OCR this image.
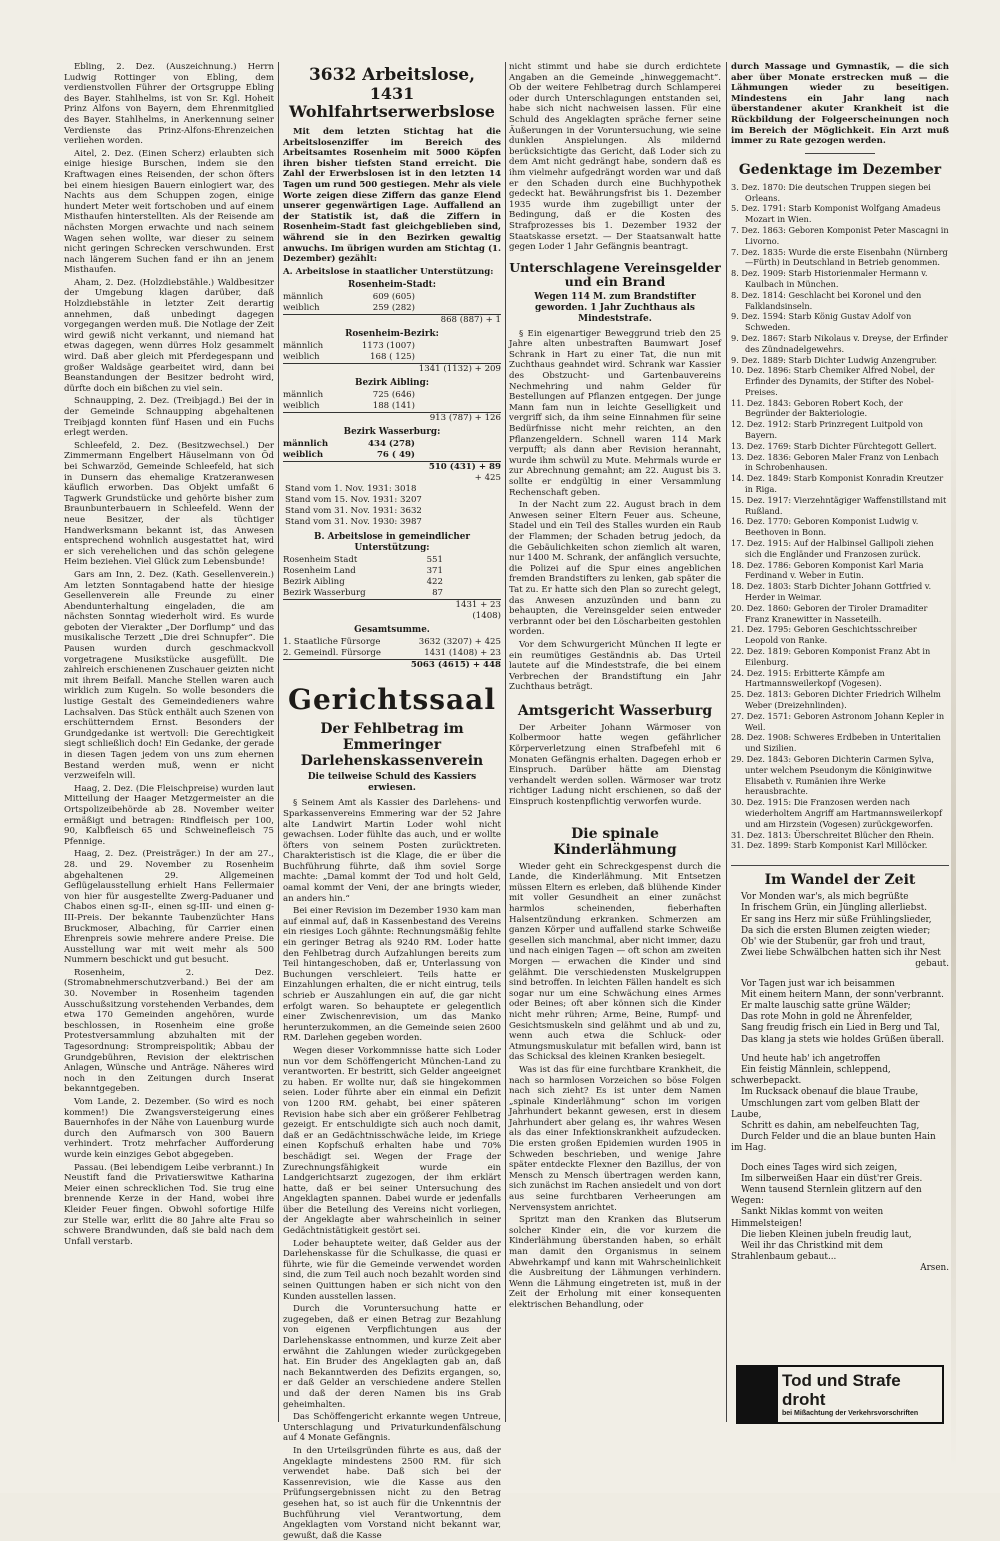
Ebling, 2. Dez. (Auszeichnung.) Herrn Ludwig Rottinger von Ebling, dem verdienstvollen Führer der Ortsgruppe Ebling des Bayer. Stahlhelms, ist von Sr. Kgl. Hoheit Prinz Alfons von Bayern, dem Ehrenmitglied des Bayer. Stahlhelms, in Anerkennung seiner Verdienste das Prinz-Alfons-Ehrenzeichen verliehen worden.

Aitel, 2. Dez. (Einen Scherz) erlaubten sich einige hiesige Burschen, indem sie den Kraftwagen eines Reisenden, der schon öfters bei einem hiesigen Bauern einlogiert war, des Nachts aus dem Schuppen zogen, einige hundert Meter weit fortschoben und auf einem Misthaufen hinterstellten. Als der Reisende am nächsten Morgen erwachte und nach seinem Wagen sehen wollte, war dieser zu seinem nicht geringen Schrecken verschwunden. Erst nach längerem Suchen fand er ihn an jenem Misthaufen.

Aham, 2. Dez. (Holzdiebstähle.) Waldbesitzer der Umgebung klagen darüber, daß Holzdiebstähle in letzter Zeit derartig annehmen, daß unbedingt dagegen vorgegangen werden muß. Die Notlage der Zeit wird gewiß nicht verkannt, und niemand hat etwas dagegen, wenn dürres Holz gesammelt wird. Daß aber gleich mit Pferdegespann und großer Waldsäge gearbeitet wird, dann bei Beanstandungen der Besitzer bedroht wird, dürfte doch ein bißchen zu viel sein.

Schnaupping, 2. Dez. (Treibjagd.) Bei der in der Gemeinde Schnaupping abgehaltenen Treibjagd konnten fünf Hasen und ein Fuchs erlegt werden.

Schleefeld, 2. Dez. (Besitzwechsel.) Der Zimmermann Engelbert Häuselmann von Öd bei Schwarzöd, Gemeinde Schleefeld, hat sich in Dunsern das ehemalige Kratzeranwesen käuflich erworben. Das Objekt umfaßt 6 Tagwerk Grundstücke und gehörte bisher zum Braunbunterbauern in Schleefeld. Wenn der neue Besitzer, der als tüchtiger Handwerksmann bekannt ist, das Anwesen entsprechend wohnlich ausgestattet hat, wird er sich verehelichen und das schön gelegene Heim beziehen. Viel Glück zum Lebensbunde!

Gars am Inn, 2. Dez. (Kath. Gesellenverein.) Am letzten Sonntagabend hatte der hiesige Gesellenverein alle Freunde zu einer Abendunterhaltung eingeladen, die am nächsten Sonntag wiederholt wird. Es wurde geboten der Vierakter „Der Dorflump“ und das musikalische Terzett „Die drei Schnupfer“. Die Pausen wurden durch geschmackvoll vorgetragene Musikstücke ausgefüllt. Die zahlreich erschienenen Zuschauer geizten nicht mit ihrem Beifall. Manche Stellen waren auch wirklich zum Kugeln. So wolle besonders die lustige Gestalt des Gemeindedieners wahre Lachsalven. Das Stück enthält auch Szenen von erschütterndem Ernst. Besonders der Grundgedanke ist wertvoll: Die Gerechtigkeit siegt schließlich doch! Ein Gedanke, der gerade in diesen Tagen jedem von uns zum ehernen Bestand werden muß, wenn er nicht verzweifeln will.

Haag, 2. Dez. (Die Fleischpreise) wurden laut Mitteilung der Haager Metzgermeister an die Ortspolizeibehörde ab 28. November weiter ermäßigt und betragen: Rindfleisch per 100, 90, Kalbfleisch 65 und Schweinefleisch 75 Pfennige.

Haag, 2. Dez. (Preisträger.) In der am 27., 28. und 29. November zu Rosenheim abgehaltenen 29. Allgemeinen Geflügelausstellung erhielt Hans Fellermaier von hier für ausgestellte Zwerg-Paduaner und Chabos einen sg-II-, einen sg-III- und einen g-III-Preis. Der bekannte Taubenzüchter Hans Bruckmoser, Albaching, für Carrier einen Ehrenpreis sowie mehrere andere Preise. Die Ausstellung war mit weit mehr als 500 Nummern beschickt und gut besucht.

Rosenheim, 2. Dez. (Stromabnehmerschutzverband.) Bei der am 30. November in Rosenheim tagenden Ausschußsitzung vorstehenden Verbandes, dem etwa 170 Gemeinden angehören, wurde beschlossen, in Rosenheim eine große Protestversammlung abzuhalten mit der Tagesordnung: Strompreispolitik; Abbau der Grundgebühren, Revision der elektrischen Anlagen, Wünsche und Anträge. Näheres wird noch in den Zeitungen durch Inserat bekanntgegeben.

Vom Lande, 2. Dezember. (So wird es noch kommen!) Die Zwangsversteigerung eines Bauernhofes in der Nähe von Lauenburg wurde durch den Aufmarsch von 300 Bauern verhindert. Trotz mehrfacher Aufforderung wurde kein einziges Gebot abgegeben.

Passau. (Bei lebendigem Leibe verbrannt.) In Neustift fand die Privatierswitwe Katharina Meier einen schrecklichen Tod. Sie trug eine brennende Kerze in der Hand, wobei ihre Kleider Feuer fingen. Obwohl sofortige Hilfe zur Stelle war, erlitt die 80 Jahre alte Frau so schwere Brandwunden, daß sie bald nach dem Unfall verstarb.

3632 Arbeitslose,
1431 Wohlfahrtserwerbslose

Mit dem letzten Stichtag hat die Arbeitslosenziffer im Bereich des Arbeitsamtes Rosenheim mit 5000 Köpfen ihren bisher tiefsten Stand erreicht. Die Zahl der Erwerbslosen ist in den letzten 14 Tagen um rund 500 gestiegen. Mehr als viele Worte zeigen diese Ziffern das ganze Elend unserer gegenwärtigen Lage. Auffallend an der Statistik ist, daß die Ziffern in Rosenheim-Stadt fast gleichgeblieben sind, während sie in den Bezirken gewaltig anwuchs. Im übrigen wurden am Stichtag (1. Dezember) gezählt:

A. Arbeitslose in staatlicher Unterstützung:

Rosenheim-Stadt:
männlich	609 (605)
weiblich	259 (282)
868 (887) + 1
Rosenheim-Bezirk:
männlich	1173 (1007)
weiblich	168 ( 125)
1341 (1132) + 209
Bezirk Aibling:
männlich	725 (646)
weiblich	188 (141)
913 (787) + 126
Bezirk Wasserburg:
männlich	434 (278)
weiblich	76 ( 49)
510 (431) + 89
+ 425
Stand vom 1. Nov. 1931: 3018
Stand vom 15. Nov. 1931: 3207
Stand vom 31. Nov. 1931: 3632
Stand vom 31. Nov. 1930: 3987
B. Arbeitslose in gemeindlicher Unterstützung:
Rosenheim Stadt	551
Rosenheim Land	371
Bezirk Aibling	422
Bezirk Wasserburg	87
1431 + 23
(1408)
Gesamtsumme.
1. Staatliche Fürsorge	3632 (3207) + 425
2. Gemeindl. Fürsorge	1431 (1408) + 23
5063 (4615) + 448
Gerichtssaal
Der Fehlbetrag im Emmeringer Darlehenskassenverein
Die teilweise Schuld des Kassiers erwiesen.

§ Seinem Amt als Kassier des Darlehens- und Sparkassenvereins Emmering war der 52 Jahre alte Landwirt Martin Loder wohl nicht gewachsen. Loder fühlte das auch, und er wollte öfters von seinem Posten zurücktreten. Charakteristisch ist die Klage, die er über die Buchführung führte, daß ihm soviel Sorge machte: „Damal kommt der Tod und holt Geld, oamal kommt der Veni, der ane bringts wieder, an anders hin.“

Bei einer Revision im Dezember 1930 kam man auf einmal auf, daß in Kassenbestand des Vereins ein riesiges Loch gähnte: Rechnungsmäßig fehlte ein geringer Betrag als 9240 RM. Loder hatte den Fehlbetrag durch Aufzahlungen bereits zum Teil hintangeschoben, daß er, Unterlassung von Buchungen verschleiert. Teils hatte er Einzahlungen erhalten, die er nicht eintrug, teils schrieb er Auszahlungen ein auf, die gar nicht erfolgt waren. So behauptete er gelegentlich einer Zwischenrevision, um das Manko herunterzukommen, an die Gemeinde seien 2600 RM. Darlehen gegeben worden.

Wegen dieser Vorkommnisse hatte sich Loder nun vor dem Schöffengericht München-Land zu verantworten. Er bestritt, sich Gelder angeeignet zu haben. Er wollte nur, daß sie hingekommen seien. Loder führte aber ein einmal ein Defizit von 1200 RM. gehabt, bei einer späteren Revision habe sich aber ein größerer Fehlbetrag gezeigt. Er entschuldigte sich auch noch damit, daß er an Gedächtnisschwäche leide, im Kriege einen Kopfschuß erhalten habe und 70% beschädigt sei. Wegen der Frage der Zurechnungsfähigkeit wurde ein Landgerichtsarzt zugezogen, der ihm erklärt hatte, daß er bei seiner Untersuchung des Angeklagten spannen. Dabei wurde er jedenfalls über die Beteilung des Vereins nicht vorliegen, der Angeklagte aber wahrscheinlich in seiner Gedächtnistätigkeit gestört sei.

Loder behauptete weiter, daß Gelder aus der Darlehenskasse für die Schulkasse, die quasi er führte, wie für die Gemeinde verwendet worden sind, die zum Teil auch noch bezahlt worden sind seinen Quittungen haben er sich nicht von den Kunden ausstellen lassen.

Durch die Voruntersuchung hatte er zugegeben, daß er einen Betrag zur Bezahlung von eigenen Verpflichtungen aus der Darlehenskasse entnommen, und kurze Zeit aber erwähnt die Zahlungen wieder zurückgegeben hat. Ein Bruder des Angeklagten gab an, daß nach Bekanntwerden des Defizits ergangen, so, er daß Gelder an verschiedene andere Stellen und daß der deren Namen bis ins Grab geheimhalten.

Das Schöffengericht erkannte wegen Untreue, Unterschlagung und Privaturkundenfälschung auf 4 Monate Gefängnis.

In den Urteilsgründen führte es aus, daß der Angeklagte mindestens 2500 RM. für sich verwendet habe. Daß sich bei der Kassenrevision, wie die Kasse aus den Prüfungsergebnissen nicht zu den Betrag gesehen hat, so ist auch für die Unkenntnis der Buchführung viel Verantwortung, dem Angeklagten vom Vorstand nicht bekannt war, gewußt, daß die Kasse

nicht stimmt und habe sie durch erdichtete Angaben an die Gemeinde „hinweggemacht“. Ob der weitere Fehlbetrag durch Schlamperei oder durch Unterschlagungen entstanden sei, habe sich nicht nachweisen lassen. Für eine Schuld des Angeklagten spräche ferner seine Äußerungen in der Voruntersuchung, wie seine dunklen Anspielungen. Als mildernd berücksichtigte das Gericht, daß Loder sich zu dem Amt nicht gedrängt habe, sondern daß es ihm vielmehr aufgedrängt worden war und daß er den Schaden durch eine Buchhypothek gedeckt hat. Bewährungsfrist bis 1. Dezember 1935 wurde ihm zugebilligt unter der Bedingung, daß er die Kosten des Strafprozesses bis 1. Dezember 1932 der Staatskasse ersetzt. — Der Staatsanwalt hatte gegen Loder 1 Jahr Gefängnis beantragt.

Unterschlagene Vereinsgelder und ein Brand
Wegen 114 M. zum Brandstifter geworden. 1 Jahr Zuchthaus als Mindeststrafe.

§ Ein eigenartiger Beweggrund trieb den 25 Jahre alten unbestraften Baumwart Josef Schrank in Hart zu einer Tat, die nun mit Zuchthaus geahndet wird. Schrank war Kassier des Obstzucht- und Gartenbauvereins Nechmehring und nahm Gelder für Bestellungen auf Pflanzen entgegen. Der junge Mann fam nun in leichte Geselligkeit und vergriff sich, da ihm seine Einnahmen für seine Bedürfnisse nicht mehr reichten, an den Pflanzengeldern. Schnell waren 114 Mark verpufft; als dann aber Revision herannaht, wurde ihm schwül zu Mute. Mehrmals wurde er zur Abrechnung gemahnt; am 22. August bis 3. sollte er endgültig in einer Versammlung Rechenschaft geben.

In der Nacht zum 22. August brach in dem Anwesen seiner Eltern Feuer aus. Scheune, Stadel und ein Teil des Stalles wurden ein Raub der Flammen; der Schaden betrug jedoch, da die Gebäulichkeiten schon ziemlich alt waren, nur 1400 M. Schrank, der anfänglich versuchte, die Polizei auf die Spur eines angeblichen fremden Brandstifters zu lenken, gab später die Tat zu. Er hatte sich den Plan so zurecht gelegt, das Anwesen anzuzünden und bann zu behaupten, die Vereinsgelder seien entweder verbrannt oder bei den Löscharbeiten gestohlen worden.

Vor dem Schwurgericht München II legte er ein reumütiges Geständnis ab. Das Urteil lautete auf die Mindeststrafe, die bei einem Verbrechen der Brandstiftung ein Jahr Zuchthaus beträgt.

Amtsgericht Wasserburg

Der Arbeiter Johann Wärmoser von Kolbermoor hatte wegen gefährlicher Körperverletzung einen Strafbefehl mit 6 Monaten Gefängnis erhalten. Dagegen erhob er Einspruch. Darüber hätte am Dienstag verhandelt werden sollen. Wärmoser war trotz richtiger Ladung nicht erschienen, so daß der Einspruch kostenpflichtig verworfen wurde.

Die spinale Kinderlähmung

Wieder geht ein Schreckgespenst durch die Lande, die Kinderlähmung. Mit Entsetzen müssen Eltern es erleben, daß blühende Kinder mit voller Gesundheit an einer zunächst harmlos scheinenden, fieberhaften Halsentzündung erkranken. Schmerzen am ganzen Körper und auffallend starke Schweiße gesellen sich manchmal, aber nicht immer, dazu und nach einigen Tagen — oft schon am zweiten Morgen — erwachen die Kinder und sind gelähmt. Die verschiedensten Muskelgruppen sind betroffen. In leichten Fällen handelt es sich sogar nur um eine Schwächung eines Armes oder Beines; oft aber können sich die Kinder nicht mehr rühren; Arme, Beine, Rumpf- und Gesichtsmuskeln sind gelähmt und ab und zu, wenn auch etwa die Schluck- oder Atmungsmuskulatur mit befallen wird, bann ist das Schicksal des kleinen Kranken besiegelt.

Was ist das für eine furchtbare Krankheit, die nach so harmlosen Vorzeichen so böse Folgen nach sich zieht? Es ist unter dem Namen „spinale Kinderlähmung“ schon im vorigen Jahrhundert bekannt gewesen, erst in diesem Jahrhundert aber gelang es, ihr wahres Wesen als das einer Infektionskrankheit aufzudecken. Die ersten großen Epidemien wurden 1905 in Schweden beschrieben, und wenige Jahre später entdeckte Flexner den Bazillus, der von Mensch zu Mensch übertragen werden kann, sich zunächst im Rachen ansiedelt und von dort aus seine furchtbaren Verheerungen am Nervensystem anrichtet.

Spritzt man den Kranken das Blutserum solcher Kinder ein, die vor kurzem die Kinderlähmung überstanden haben, so erhält man damit den Organismus in seinem Abwehrkampf und kann mit Wahrscheinlichkeit die Ausbreitung der Lähmungen verhindern. Wenn die Lähmung eingetreten ist, muß in der Zeit der Erholung mit einer konsequenten elektrischen Behandlung, oder

durch Massage und Gymnastik, — die sich aber über Monate erstrecken muß — die Lähmungen wieder zu beseitigen. Mindestens ein Jahr lang nach überstandener akuter Krankheit ist die Rückbildung der Folgeerscheinungen noch im Bereich der Möglichkeit. Ein Arzt muß immer zu Rate gezogen werden.

Gedenktage im Dezember

3. Dez. 1870: Die deutschen Truppen siegen bei Orleans.

5. Dez. 1791: Starb Komponist Wolfgang Amadeus Mozart in Wien.

7. Dez. 1863: Geboren Komponist Peter Mascagni in Livorno.

7. Dez. 1835: Wurde die erste Eisenbahn (Nürnberg—Fürth) in Deutschland in Betrieb genommen.

8. Dez. 1909: Starb Historienmaler Hermann v. Kaulbach in München.

8. Dez. 1814: Geschlacht bei Koronel und den Falklandsinseln.

9. Dez. 1594: Starb König Gustav Adolf von Schweden.

9. Dez. 1867: Starb Nikolaus v. Dreyse, der Erfinder des Zündnadelgewehrs.

9. Dez. 1889: Starb Dichter Ludwig Anzengruber.

10. Dez. 1896: Starb Chemiker Alfred Nobel, der Erfinder des Dynamits, der Stifter des Nobel-Preises.

11. Dez. 1843: Geboren Robert Koch, der Begründer der Bakteriologie.

12. Dez. 1912: Starb Prinzregent Luitpold von Bayern.

13. Dez. 1769: Starb Dichter Fürchtegott Gellert.

13. Dez. 1836: Geboren Maler Franz von Lenbach in Schrobenhausen.

14. Dez. 1849: Starb Komponist Konradin Kreutzer in Riga.

15. Dez. 1917: Vierzehntägiger Waffenstillstand mit Rußland.

16. Dez. 1770: Geboren Komponist Ludwig v. Beethoven in Bonn.

17. Dez. 1915: Auf der Halbinsel Gallipoli ziehen sich die Engländer und Franzosen zurück.

18. Dez. 1786: Geboren Komponist Karl Maria Ferdinand v. Weber in Eutin.

18. Dez. 1803: Starb Dichter Johann Gottfried v. Herder in Weimar.

20. Dez. 1860: Geboren der Tiroler Dramaditer Franz Kranewitter in Nasseteilh.

21. Dez. 1795: Geboren Geschichtsschreiber Leopold von Ranke.

22. Dez. 1819: Geboren Komponist Franz Abt in Eilenburg.

24. Dez. 1915: Erbitterte Kämpfe am Hartmannsweilerkopf (Vogesen).

25. Dez. 1813: Geboren Dichter Friedrich Wilhelm Weber (Dreizehnlinden).

27. Dez. 1571: Geboren Astronom Johann Kepler in Weil.

28. Dez. 1908: Schweres Erdbeben in Unteritalien und Sizilien.

29. Dez. 1843: Geboren Dichterin Carmen Sylva, unter welchem Pseudonym die Königinwitwe Elisabeth v. Rumänien ihre Werke herausbrachte.

30. Dez. 1915: Die Franzosen werden nach wiederholtem Angriff am Hartmannsweilerkopf und am Hirzstein (Vogesen) zurückgeworfen.

31. Dez. 1813: Überschreitet Blücher den Rhein.

31. Dez. 1899: Starb Komponist Karl Millöcker.

Im Wandel der Zeit

Vor Monden war's, als mich begrüßte

In frischem Grün, ein Jüngling allerliebst.

Er sang ins Herz mir süße Frühlingslieder,

Da sich die ersten Blumen zeigten wieder;

Ob' wie der Stubenür, gar froh und traut,

Zwei liebe Schwälbchen hatten sich ihr Nest

gebaut.

Vor Tagen just war ich beisammen

Mit einem heitern Mann, der sonn'verbrannt.

Er malte lauschig satte grüne Wälder;

Das rote Mohn in gold ne Ährenfelder,

Sang freudig frisch ein Lied in Berg und Tal,

Das klang ja stets wie holdes Grüßen überall.

Und heute hab' ich angetroffen

Ein feistig Männlein, schleppend, schwerbepackt.

Im Rucksack obenauf die blaue Traube,

Umschlungen zart vom gelben Blatt der Laube,

Schritt es dahin, am nebelfeuchten Tag,

Durch Felder und die an blaue bunten Hain im Hag.

Doch eines Tages wird sich zeigen,

Im silberweißen Haar ein düst'rer Greis.

Wenn tausend Sternlein glitzern auf den Wegen:

Sankt Niklas kommt von weiten Himmelsteigen!

Die lieben Kleinen jubeln freudig laut,

Weil ihr das Christkind mit dem Strahlenbaum gebaut...

Arsen.

Tod und Strafe droht
bei Mißachtung der Verkehrsvorschriften
